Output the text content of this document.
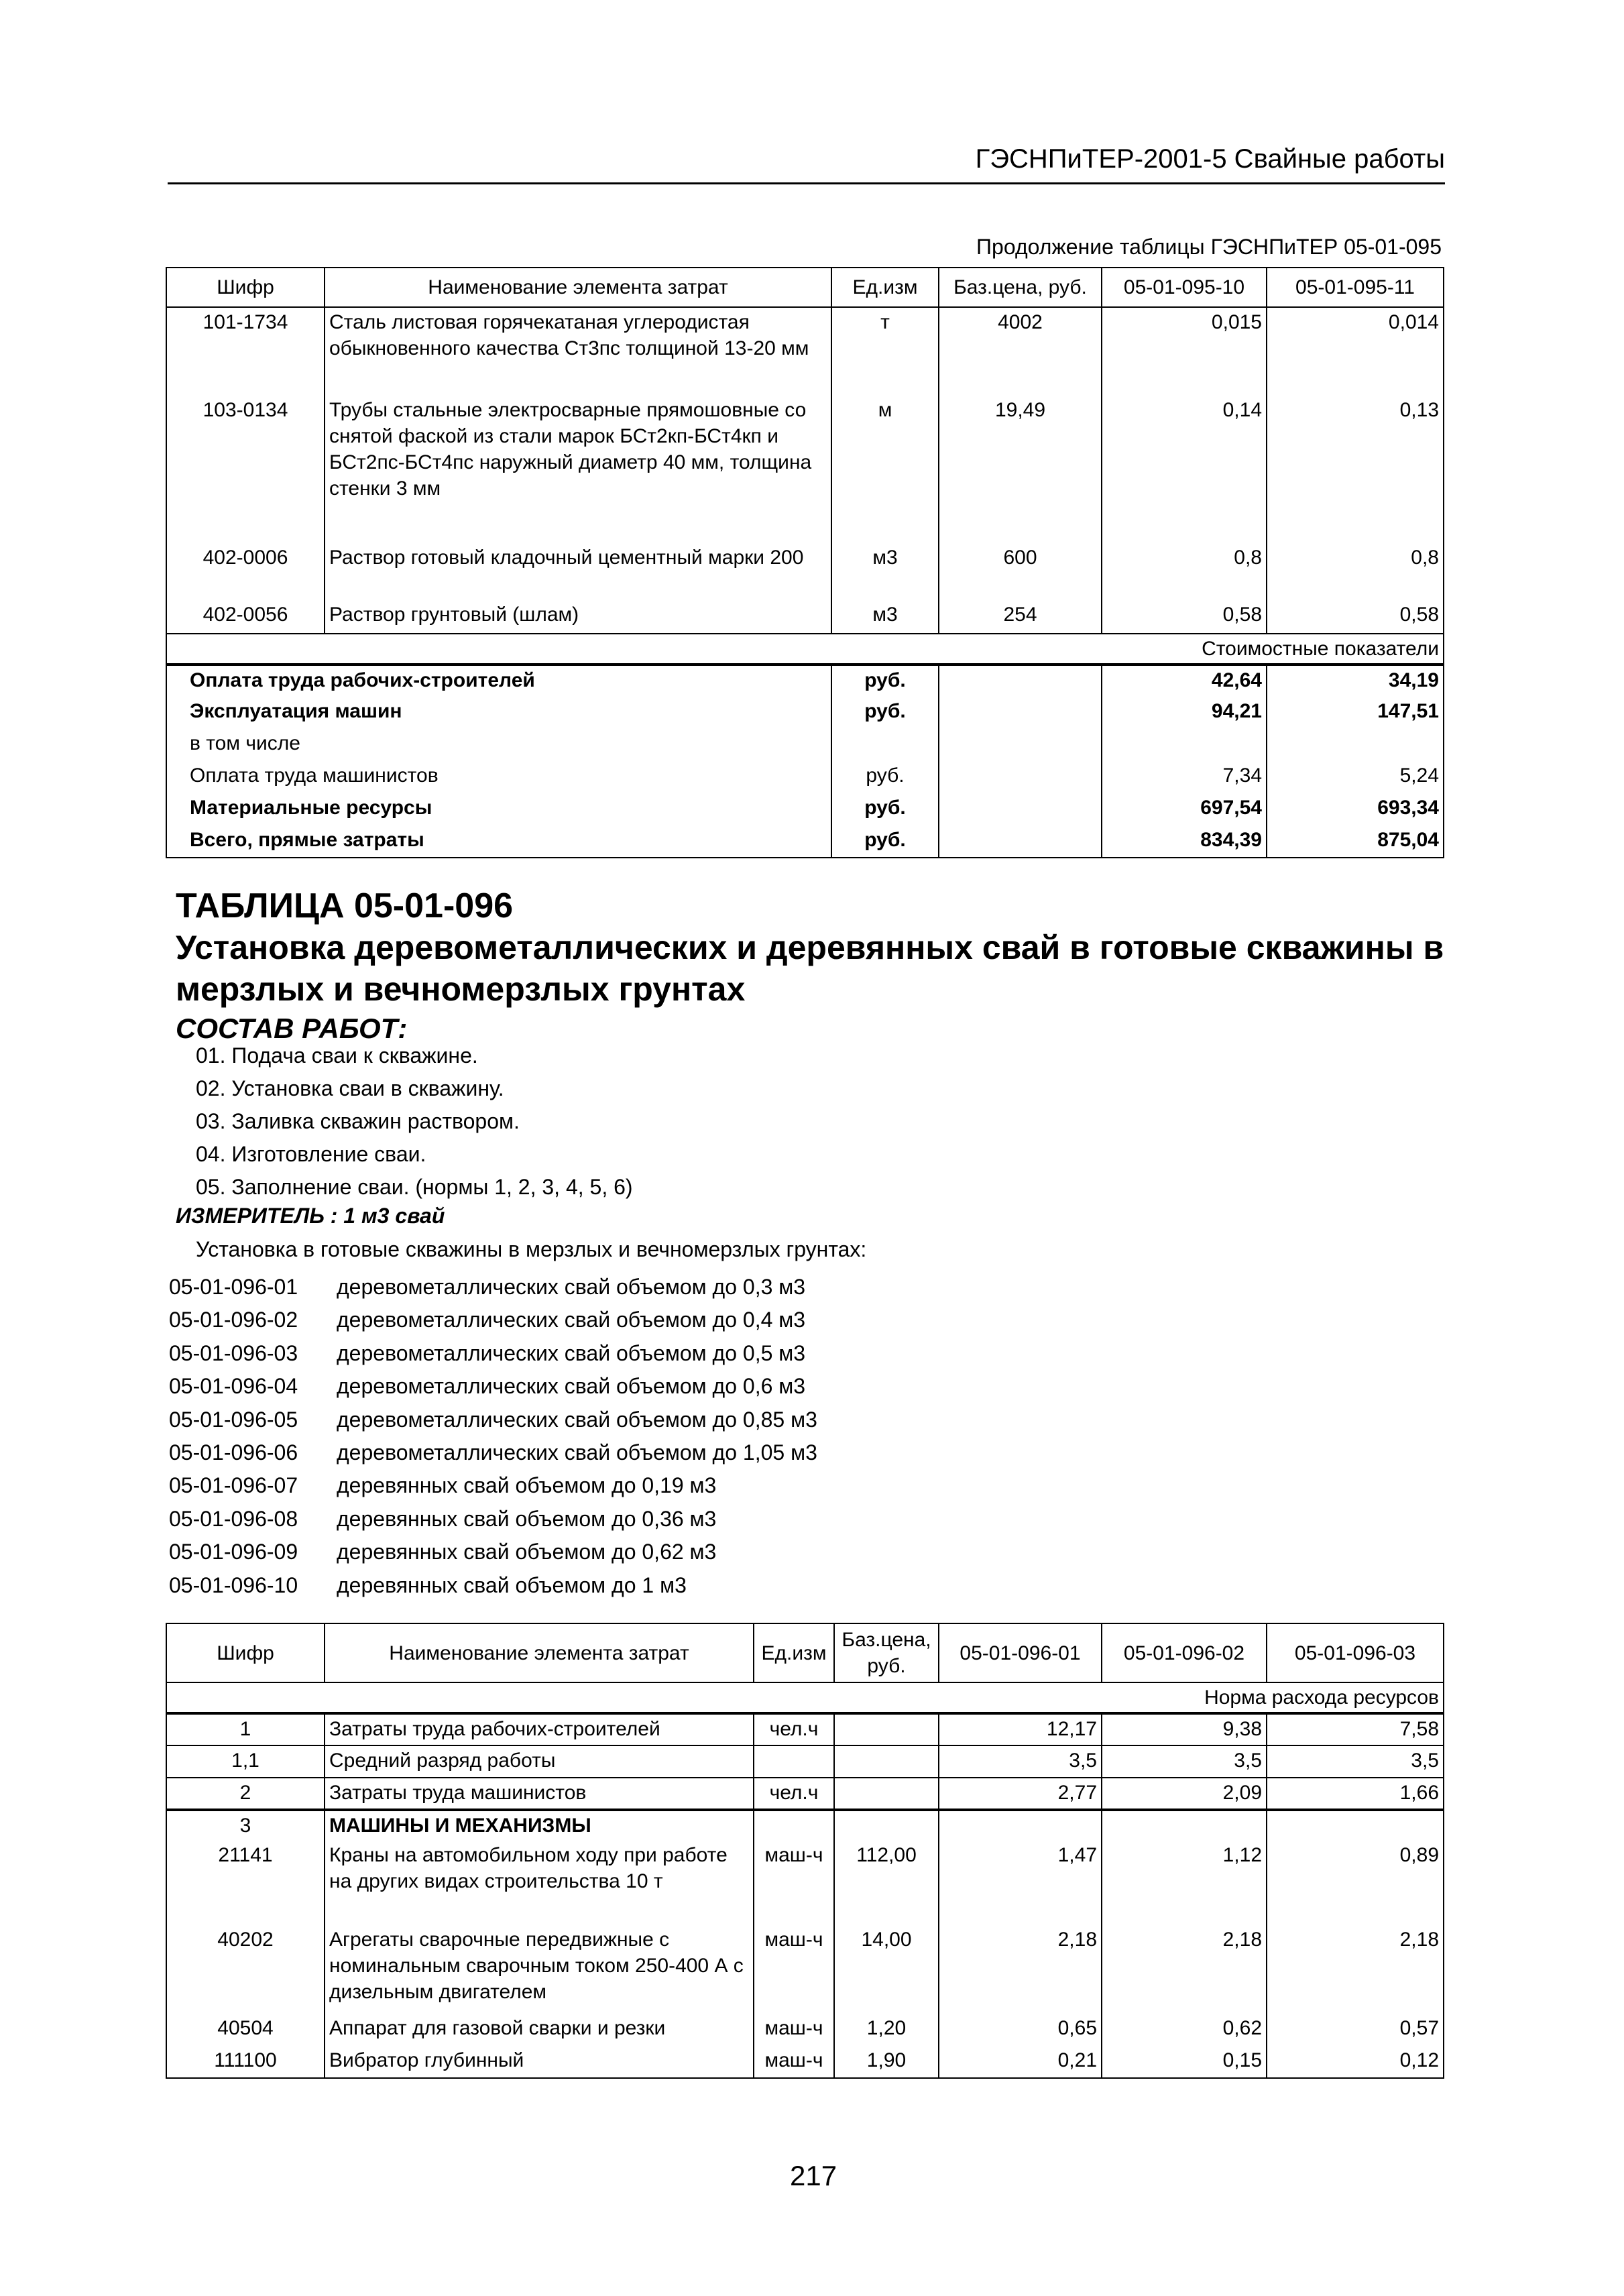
ГЭСНПиТЕР-2001-5 Свайные работы
Продолжение таблицы ГЭСНПиТЕР 05-01-095
Шифр	Наименование элемента затрат	Ед.изм	Баз.цена, руб.	05-01-095-10	05-01-095-11
101-1734	Сталь листовая горячекатаная углеродистая обыкновенного качества Ст3пс толщиной 13-20 мм	т	4002	0,015	0,014
103-0134	Трубы стальные электросварные прямошовные со снятой фаской из стали марок БСт2кп-БСт4кп и БСт2пс-БСт4пс наружный диаметр 40 мм, толщина стенки 3 мм	м	19,49	0,14	0,13
402-0006	Раствор готовый кладочный цементный марки 200	м3	600	0,8	0,8
402-0056	Раствор грунтовый (шлам)	м3	254	0,58	0,58
Стоимостные показатели					
Оплата труда рабочих-строителей		руб.		42,64	34,19
Эксплуатация машин		руб.		94,21	147,51
в том числе					
Оплата труда машинистов		руб.		7,34	5,24
Материальные ресурсы		руб.		697,54	693,34
Всего, прямые затраты		руб.		834,39	875,04
ТАБЛИЦА 05-01-096
Установка деревометаллических и деревянных свай в готовые скважины в мерзлых и вечномерзлых грунтах
СОСТАВ РАБОТ:
01. Подача сваи к скважине.
02. Установка сваи в скважину.
03. Заливка скважин раствором.
04. Изготовление сваи.
05. Заполнение сваи. (нормы 1, 2, 3, 4, 5, 6)
ИЗМЕРИТЕЛЬ : 1 м3 свай
Установка в готовые скважины в мерзлых и вечномерзлых грунтах:
05-01-096-01	деревометаллических свай объемом до 0,3 м3
05-01-096-02	деревометаллических свай объемом до 0,4 м3
05-01-096-03	деревометаллических свай объемом до 0,5 м3
05-01-096-04	деревометаллических свай объемом до 0,6 м3
05-01-096-05	деревометаллических свай объемом до 0,85 м3
05-01-096-06	деревометаллических свай объемом до 1,05 м3
05-01-096-07	деревянных свай объемом до 0,19 м3
05-01-096-08	деревянных свай объемом до 0,36 м3
05-01-096-09	деревянных свай объемом до 0,62 м3
05-01-096-10	деревянных свай объемом до 1 м3
Шифр	Наименование элемента затрат	Ед.изм	Баз.цена, руб.	05-01-096-01	05-01-096-02	05-01-096-03
Норма расхода ресурсов						
1	Затраты труда рабочих-строителей	чел.ч		12,17	9,38	7,58
1,1	Средний разряд работы			3,5	3,5	3,5
2	Затраты труда машинистов	чел.ч		2,77	2,09	1,66
3	МАШИНЫ И МЕХАНИЗМЫ					
21141	Краны на автомобильном ходу при работе на других видах строительства 10 т	маш-ч	112,00	1,47	1,12	0,89
40202	Агрегаты сварочные передвижные с номинальным сварочным током 250-400 А с дизельным двигателем	маш-ч	14,00	2,18	2,18	2,18
40504	Аппарат для газовой сварки и резки	маш-ч	1,20	0,65	0,62	0,57
111100	Вибратор глубинный	маш-ч	1,90	0,21	0,15	0,12
217
